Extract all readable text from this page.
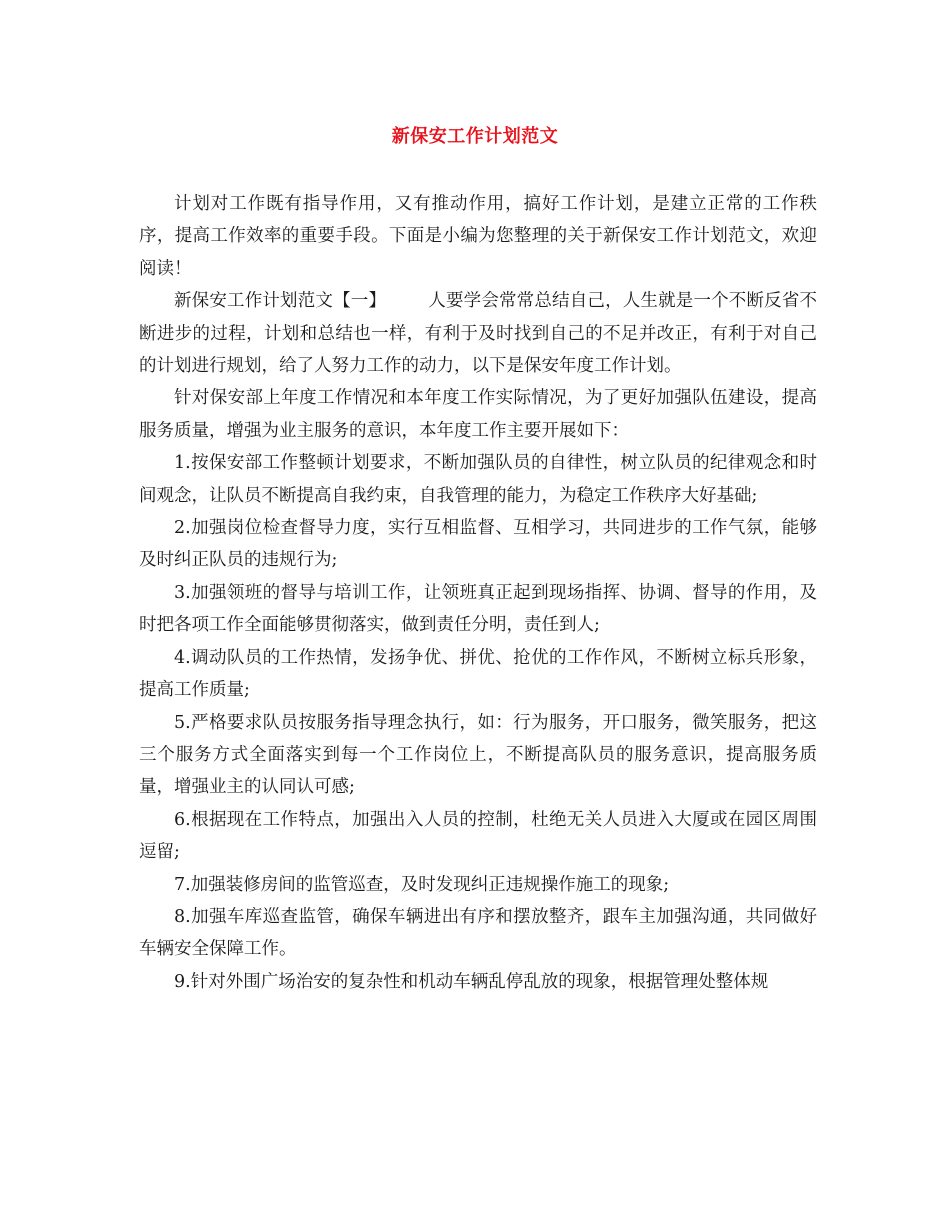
新保安工作计划范文

计划对工作既有指导作用，又有推动作用，搞好工作计划，是建立正常的工作秩序，提高工作效率的重要手段。下面是小编为您整理的关于新保安工作计划范文，欢迎阅读！

新保安工作计划范文【一】 人要学会常常总结自己，人生就是一个不断反省不断进步的过程，计划和总结也一样，有利于及时找到自己的不足并改正，有利于对自己的计划进行规划，给了人努力工作的动力，以下是保安年度工作计划。

针对保安部上年度工作情况和本年度工作实际情况，为了更好加强队伍建设，提高服务质量，增强为业主服务的意识，本年度工作主要开展如下：

1.按保安部工作整顿计划要求，不断加强队员的自律性，树立队员的纪律观念和时间观念，让队员不断提高自我约束，自我管理的能力，为稳定工作秩序大好基础;

2.加强岗位检查督导力度，实行互相监督、互相学习，共同进步的工作气氛，能够及时纠正队员的违规行为;

3.加强领班的督导与培训工作，让领班真正起到现场指挥、协调、督导的作用，及时把各项工作全面能够贯彻落实，做到责任分明，责任到人;

4.调动队员的工作热情，发扬争优、拼优、抢优的工作作风，不断树立标兵形象，提高工作质量;

5.严格要求队员按服务指导理念执行，如：行为服务，开口服务，微笑服务，把这三个服务方式全面落实到每一个工作岗位上，不断提高队员的服务意识，提高服务质量，增强业主的认同认可感;

6.根据现在工作特点，加强出入人员的控制，杜绝无关人员进入大厦或在园区周围逗留;

7.加强装修房间的监管巡查，及时发现纠正违规操作施工的现象;

8.加强车库巡查监管，确保车辆进出有序和摆放整齐，跟车主加强沟通，共同做好车辆安全保障工作。

9.针对外围广场治安的复杂性和机动车辆乱停乱放的现象，根据管理处整体规
